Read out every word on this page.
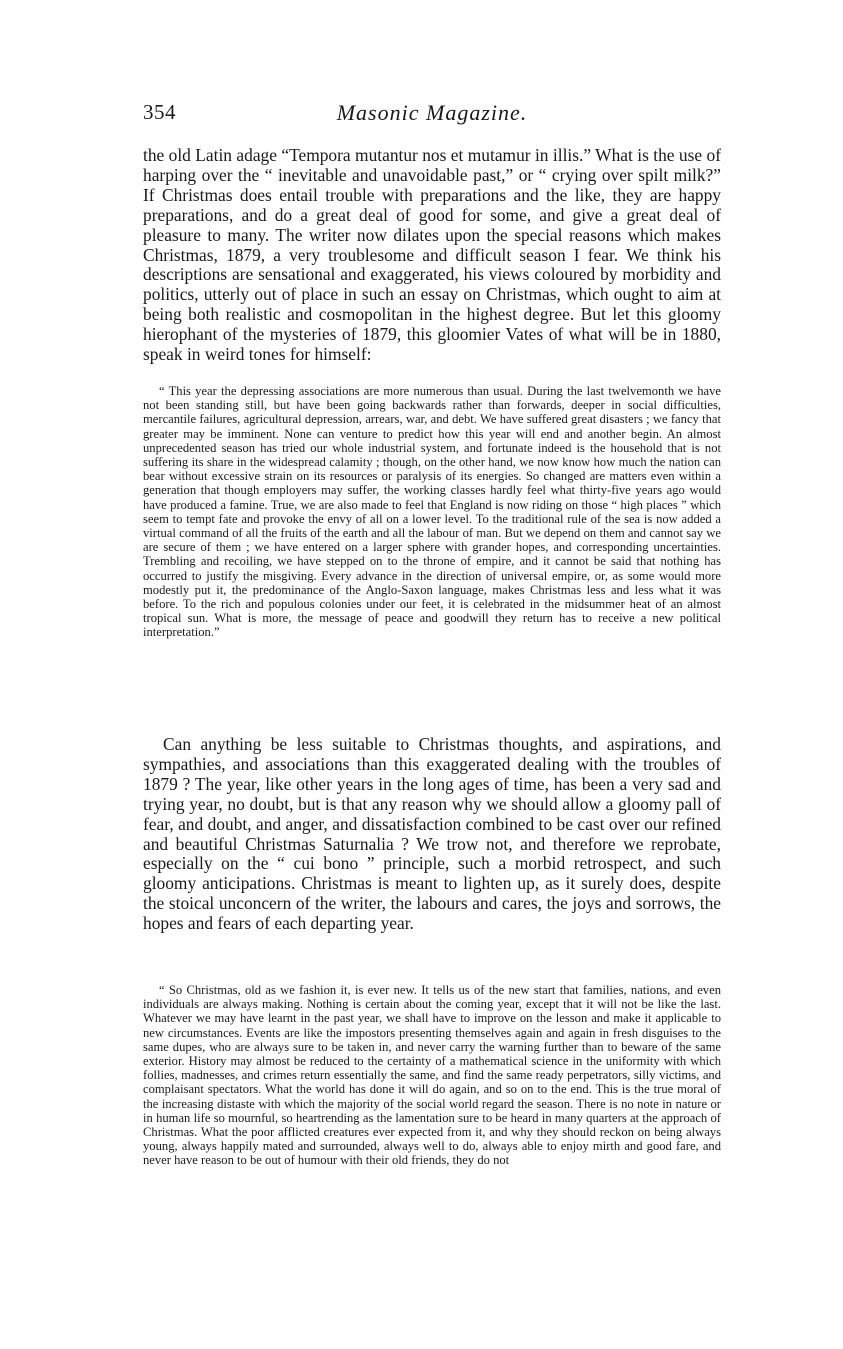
354	Masonic Magazine.

the old Latin adage “Tempora mutantur nos et mutamur in illis.” What is the use of harping over the “ inevitable and unavoidable past,” or “ crying over spilt milk?” If Christmas does entail trouble with preparations and the like, they are happy preparations, and do a great deal of good for some, and give a great deal of pleasure to many. The writer now dilates upon the special reasons which makes Christmas, 1879, a very troublesome and difficult season I fear. We think his descriptions are sensational and exaggerated, his views coloured by morbidity and politics, utterly out of place in such an essay on Christmas, which ought to aim at being both realistic and cosmopolitan in the highest degree. But let this gloomy hierophant of the mysteries of 1879, this gloomier Vates of what will be in 1880, speak in weird tones for himself:

“ This year the depressing associations are more numerous than usual. During the last twelvemonth we have not been standing still, but have been going backwards rather than forwards, deeper in social difficulties, mercantile failures, agricultural depression, arrears, war, and debt. We have suffered great disasters ; we fancy that greater may be imminent. None can venture to predict how this year will end and another begin. An almost unprecedented season has tried our whole industrial system, and fortunate indeed is the household that is not suffering its share in the widespread calamity ; though, on the other hand, we now know how much the nation can bear without excessive strain on its resources or paralysis of its energies. So changed are matters even within a generation that though employers may suffer, the working classes hardly feel what thirty-five years ago would have produced a famine. True, we are also made to feel that England is now riding on those “ high places ” which seem to tempt fate and provoke the envy of all on a lower level. To the traditional rule of the sea is now added a virtual command of all the fruits of the earth and all the labour of man. But we depend on them and cannot say we are secure of them ; we have entered on a larger sphere with grander hopes, and corresponding uncertainties. Trembling and recoiling, we have stepped on to the throne of empire, and it cannot be said that nothing has occurred to justify the misgiving. Every advance in the direction of universal empire, or, as some would more modestly put it, the predominance of the Anglo-Saxon language, makes Christmas less and less what it was before. To the rich and populous colonies under our feet, it is celebrated in the midsummer heat of an almost tropical sun. What is more, the message of peace and goodwill they return has to receive a new political interpretation.”

Can anything be less suitable to Christmas thoughts, and aspirations, and sympathies, and associations than this exaggerated dealing with the troubles of 1879 ? The year, like other years in the long ages of time, has been a very sad and trying year, no doubt, but is that any reason why we should allow a gloomy pall of fear, and doubt, and anger, and dissatisfaction combined to be cast over our refined and beautiful Christmas Saturnalia ? We trow not, and therefore we reprobate, especially on the “ cui bono ” principle, such a morbid retrospect, and such gloomy anticipations. Christmas is meant to lighten up, as it surely does, despite the stoical unconcern of the writer, the labours and cares, the joys and sorrows, the hopes and fears of each departing year.

“ So Christmas, old as we fashion it, is ever new. It tells us of the new start that families, nations, and even individuals are always making. Nothing is certain about the coming year, except that it will not be like the last. Whatever we may have learnt in the past year, we shall have to improve on the lesson and make it applicable to new circumstances. Events are like the impostors presenting themselves again and again in fresh disguises to the same dupes, who are always sure to be taken in, and never carry the warning further than to beware of the same exterior. History may almost be reduced to the certainty of a mathematical science in the uniformity with which follies, madnesses, and crimes return essentially the same, and find the same ready perpetrators, silly victims, and complaisant spectators. What the world has done it will do again, and so on to the end. This is the true moral of the increasing distaste with which the majority of the social world regard the season. There is no note in nature or in human life so mournful, so heartrending as the lamentation sure to be heard in many quarters at the approach of Christmas. What the poor afflicted creatures ever expected from it, and why they should reckon on being always young, always happily mated and surrounded, always well to do, always able to enjoy mirth and good fare, and never have reason to be out of humour with their old friends, they do not
